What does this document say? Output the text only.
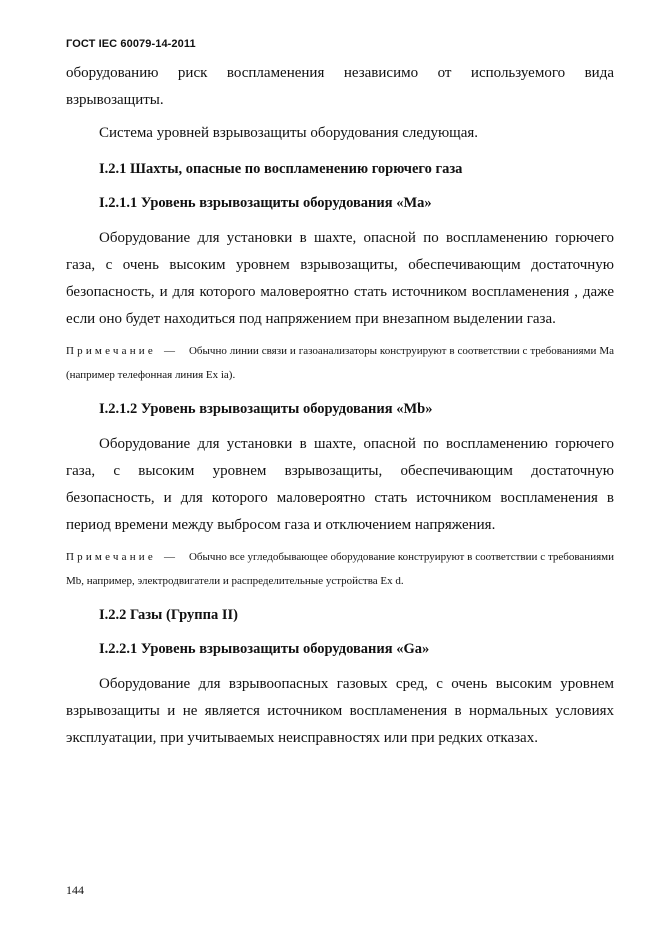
ГОСТ IEC 60079-14-2011

оборудованию риск воспламенения независимо от используемого вида

взрывозащиты.

Система уровней взрывозащиты оборудования следующая.

I.2.1 Шахты, опасные по воспламенению горючего газа

I.2.1.1 Уровень взрывозащиты оборудования «Ma»

Оборудование для установки в шахте, опасной по воспламенению горючего газа, с очень высоким уровнем взрывозащиты, обеспечивающим достаточную безопасность, и для которого маловероятно стать источником воспламенения , даже если оно будет находиться под напряжением при внезапном выделении газа.

Примечание — Обычно линии связи и газоанализаторы конструируют в соответствии с требованиями Ma (например телефонная линия Ex ia).

I.2.1.2 Уровень взрывозащиты оборудования «Mb»

Оборудование для установки в шахте, опасной по воспламенению горючего газа, с высоким уровнем взрывозащиты, обеспечивающим достаточную безопасность, и для которого маловероятно стать источником воспламенения в период времени между выбросом газа и отключением напряжения.

Примечание — Обычно все угледобывающее оборудование конструируют в соответствии с требованиями Mb, например, электродвигатели и распределительные устройства Ex d.

I.2.2 Газы (Группа II)

I.2.2.1 Уровень взрывозащиты оборудования «Ga»

Оборудование для взрывоопасных газовых сред, с очень высоким уровнем взрывозащиты и не является источником воспламенения в нормальных условиях эксплуатации, при учитываемых неисправностях или при редких отказах.

144
